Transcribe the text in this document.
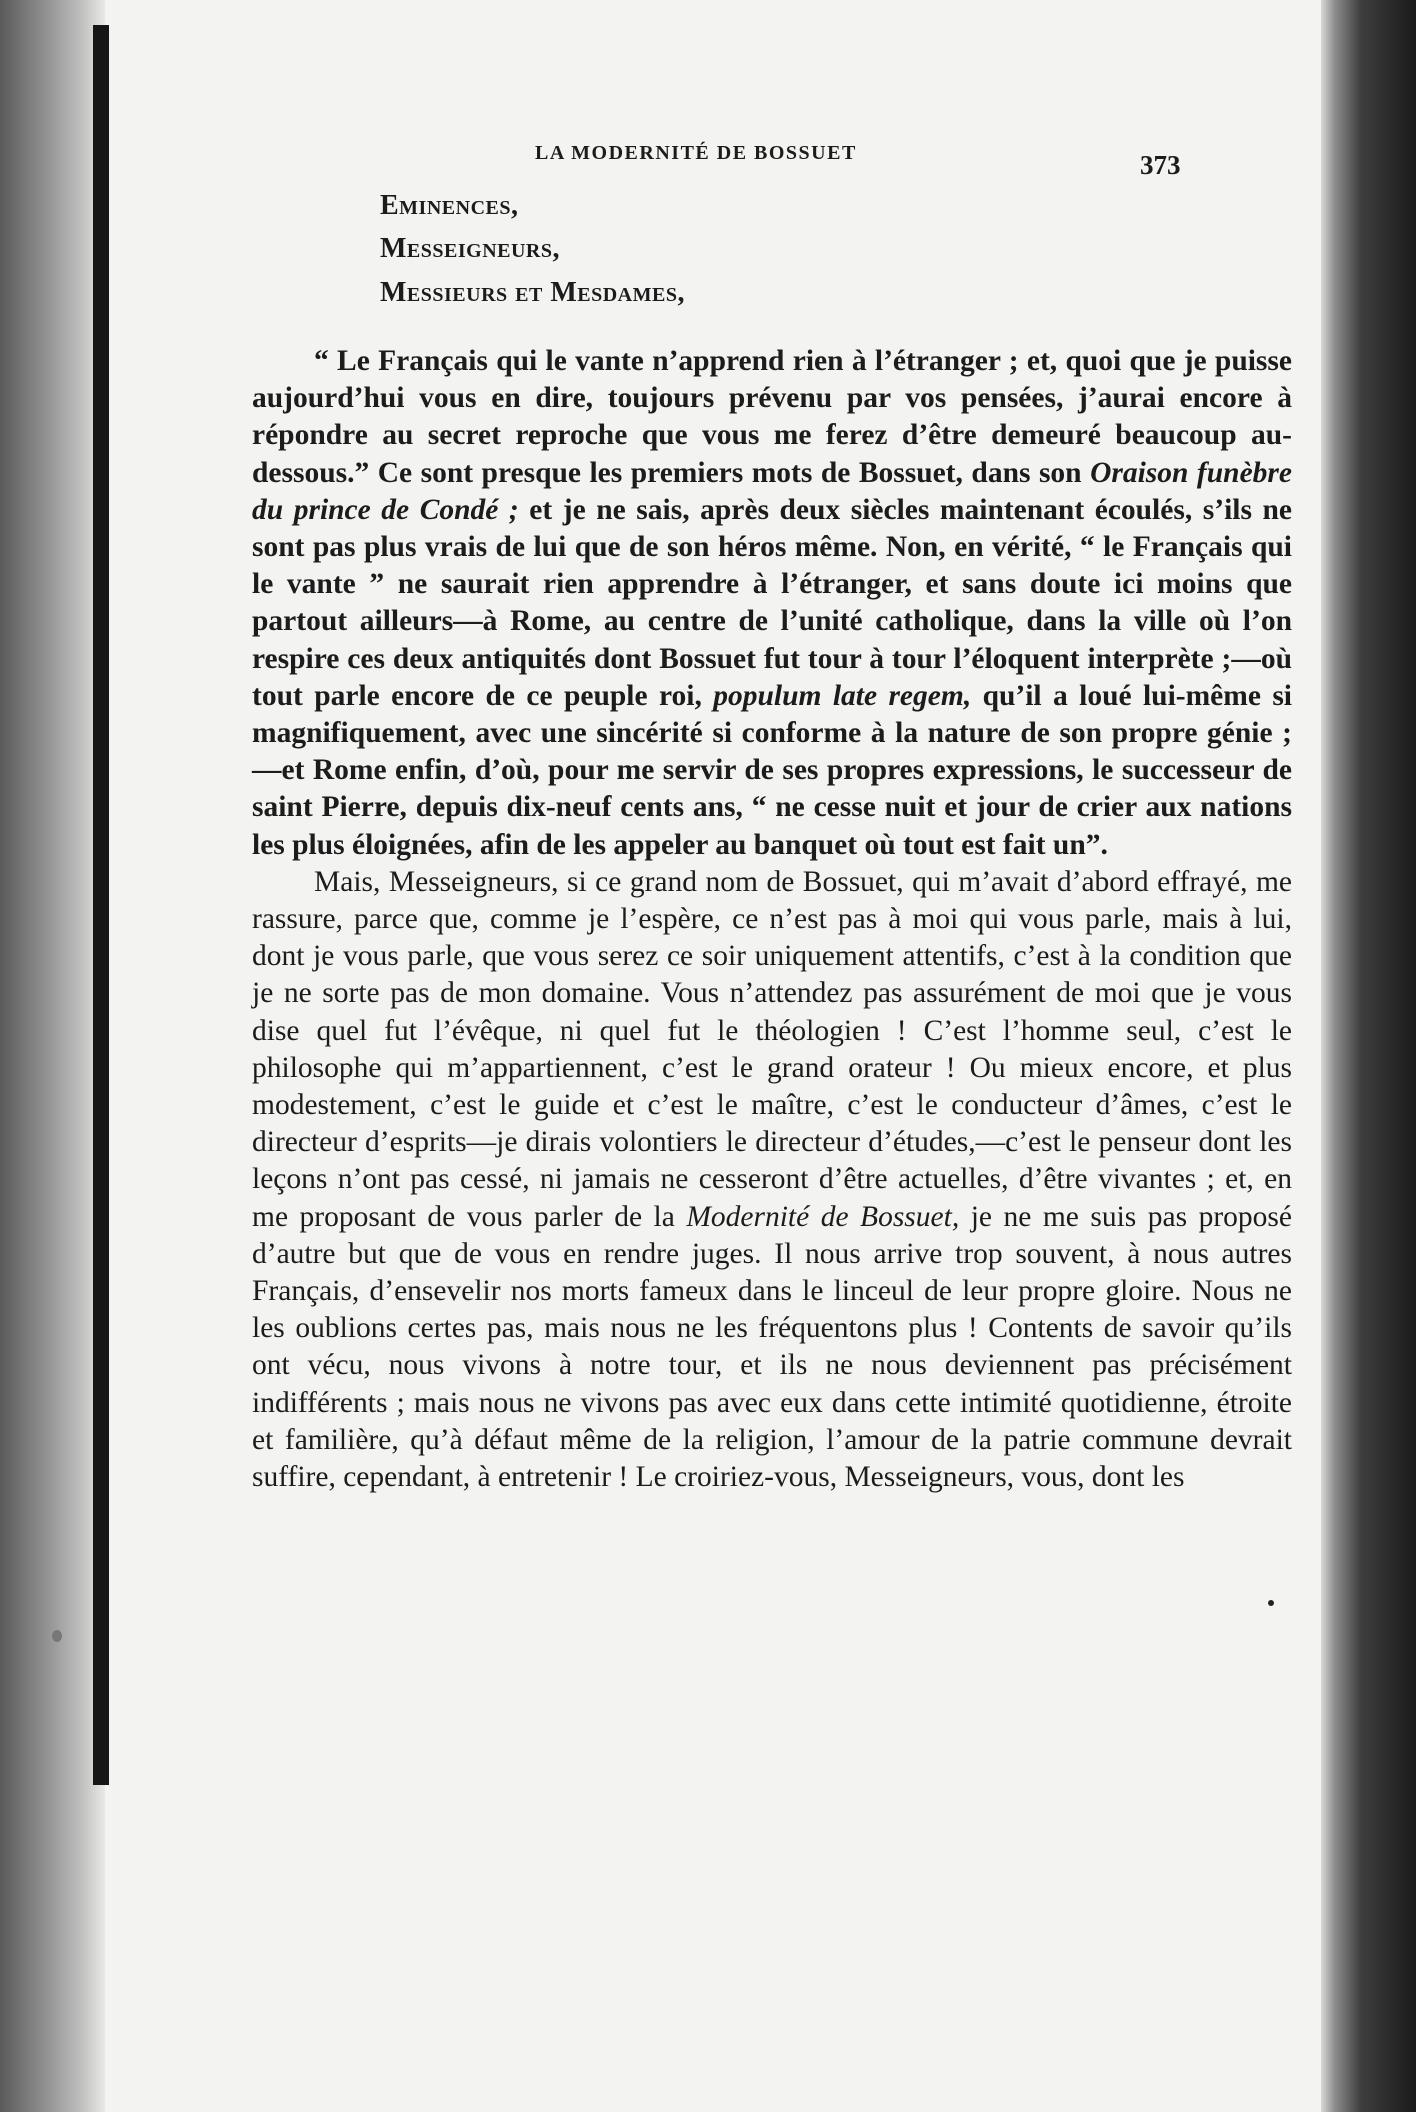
LA MODERNITÉ DE BOSSUET	373
Eminences,
Messeigneurs,
Messieurs et Mesdames,

“ Le Français qui le vante n’apprend rien à l’étranger ; et, quoi que je puisse aujourd’hui vous en dire, toujours prévenu par vos pensées, j’aurai encore à répondre au secret reproche que vous me ferez d’être demeuré beaucoup au-dessous.” Ce sont presque les premiers mots de Bossuet, dans son Oraison funèbre du prince de Condé ; et je ne sais, après deux siècles maintenant écoulés, s’ils ne sont pas plus vrais de lui que de son héros même. Non, en vérité, “ le Français qui le vante ” ne saurait rien apprendre à l’étranger, et sans doute ici moins que partout ailleurs—à Rome, au centre de l’unité catholique, dans la ville où l’on respire ces deux antiquités dont Bossuet fut tour à tour l’éloquent interprète ;—où tout parle encore de ce peuple roi, populum late regem, qu’il a loué lui-même si magnifiquement, avec une sincérité si conforme à la nature de son propre génie ;—et Rome enfin, d’où, pour me servir de ses propres expressions, le successeur de saint Pierre, depuis dix-neuf cents ans, “ ne cesse nuit et jour de crier aux nations les plus éloignées, afin de les appeler au banquet où tout est fait un”.

Mais, Messeigneurs, si ce grand nom de Bossuet, qui m’avait d’abord effrayé, me rassure, parce que, comme je l’espère, ce n’est pas à moi qui vous parle, mais à lui, dont je vous parle, que vous serez ce soir uniquement attentifs, c’est à la condition que je ne sorte pas de mon domaine. Vous n’attendez pas assurément de moi que je vous dise quel fut l’évêque, ni quel fut le théologien ! C’est l’homme seul, c’est le philosophe qui m’appartiennent, c’est le grand orateur ! Ou mieux encore, et plus modestement, c’est le guide et c’est le maître, c’est le conducteur d’âmes, c’est le directeur d’esprits—je dirais volontiers le directeur d’études,—c’est le penseur dont les leçons n’ont pas cessé, ni jamais ne cesseront d’être actuelles, d’être vivantes ; et, en me proposant de vous parler de la Modernité de Bossuet, je ne me suis pas proposé d’autre but que de vous en rendre juges. Il nous arrive trop souvent, à nous autres Français, d’ensevelir nos morts fameux dans le linceul de leur propre gloire. Nous ne les oublions certes pas, mais nous ne les fréquentons plus ! Contents de savoir qu’ils ont vécu, nous vivons à notre tour, et ils ne nous deviennent pas précisément indifférents ; mais nous ne vivons pas avec eux dans cette intimité quotidienne, étroite et familière, qu’à défaut même de la religion, l’amour de la patrie commune devrait suffire, cependant, à entretenir ! Le croiriez-vous, Messeigneurs, vous, dont les
